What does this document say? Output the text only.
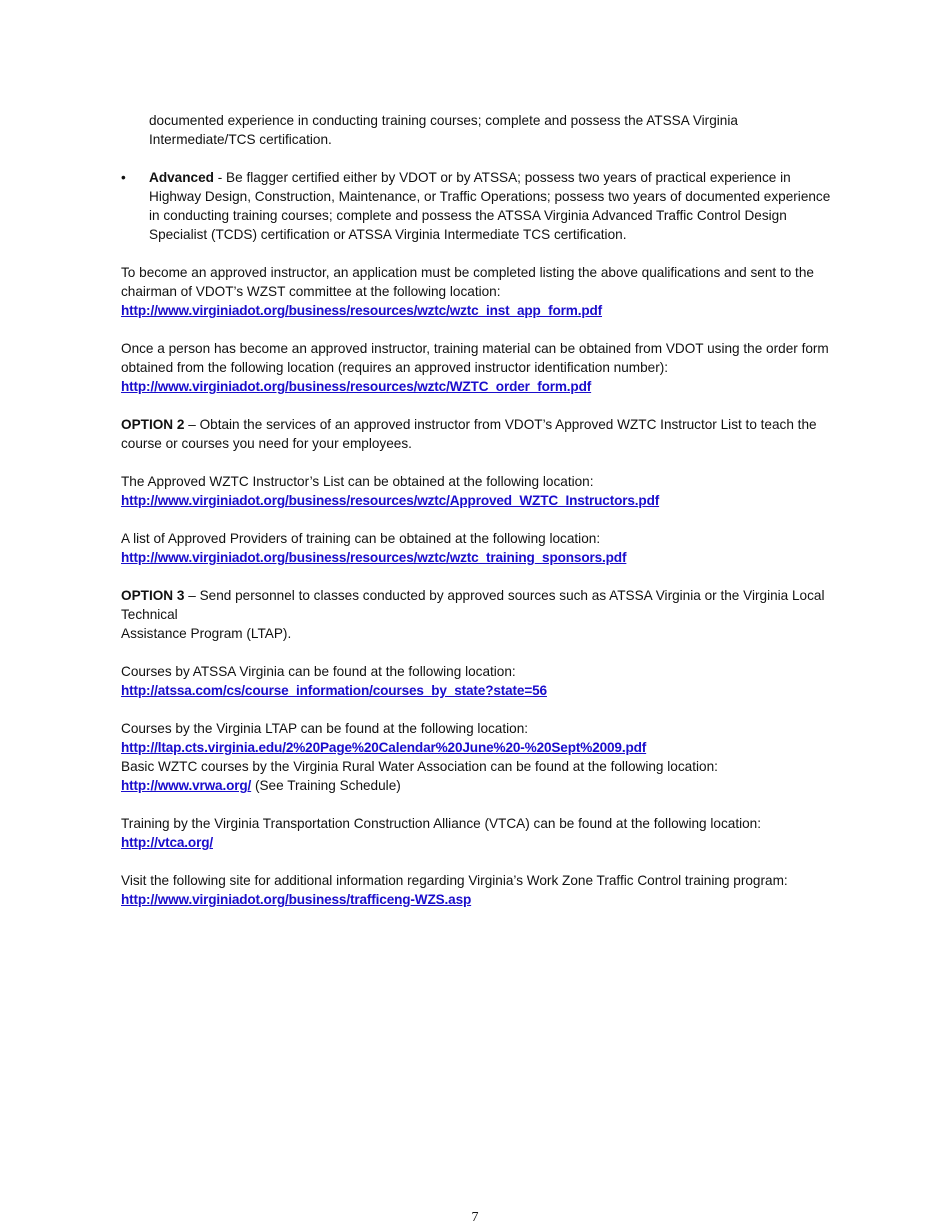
documented experience in conducting training courses; complete and possess the ATSSA Virginia Intermediate/TCS certification.

• Advanced - Be flagger certified either by VDOT or by ATSSA; possess two years of practical experience in Highway Design, Construction, Maintenance, or Traffic Operations; possess two years of documented experience in conducting training courses; complete and possess the ATSSA Virginia Advanced Traffic Control Design Specialist (TCDS) certification or ATSSA Virginia Intermediate TCS certification.

To become an approved instructor, an application must be completed listing the above qualifications and sent to the chairman of VDOT’s WZST committee at the following location:
http://www.virginiadot.org/business/resources/wztc/wztc_inst_app_form.pdf

Once a person has become an approved instructor, training material can be obtained from VDOT using the order form obtained from the following location (requires an approved instructor identification number): http://www.virginiadot.org/business/resources/wztc/WZTC_order_form.pdf

OPTION 2 – Obtain the services of an approved instructor from VDOT’s Approved WZTC Instructor List to teach the course or courses you need for your employees.

The Approved WZTC Instructor’s List can be obtained at the following location:
http://www.virginiadot.org/business/resources/wztc/Approved_WZTC_Instructors.pdf

A list of Approved Providers of training can be obtained at the following location:
http://www.virginiadot.org/business/resources/wztc/wztc_training_sponsors.pdf

OPTION 3 – Send personnel to classes conducted by approved sources such as ATSSA Virginia or the Virginia Local Technical
Assistance Program (LTAP).

Courses by ATSSA Virginia can be found at the following location:
http://atssa.com/cs/course_information/courses_by_state?state=56

Courses by the Virginia LTAP can be found at the following location:
http://ltap.cts.virginia.edu/2%20Page%20Calendar%20June%20-%20Sept%2009.pdf
Basic WZTC courses by the Virginia Rural Water Association can be found at the following location:
http://www.vrwa.org/ (See Training Schedule)

Training by the Virginia Transportation Construction Alliance (VTCA) can be found at the following location:
http://vtca.org/

Visit the following site for additional information regarding Virginia’s Work Zone Traffic Control training program:
http://www.virginiadot.org/business/trafficeng-WZS.asp

7
